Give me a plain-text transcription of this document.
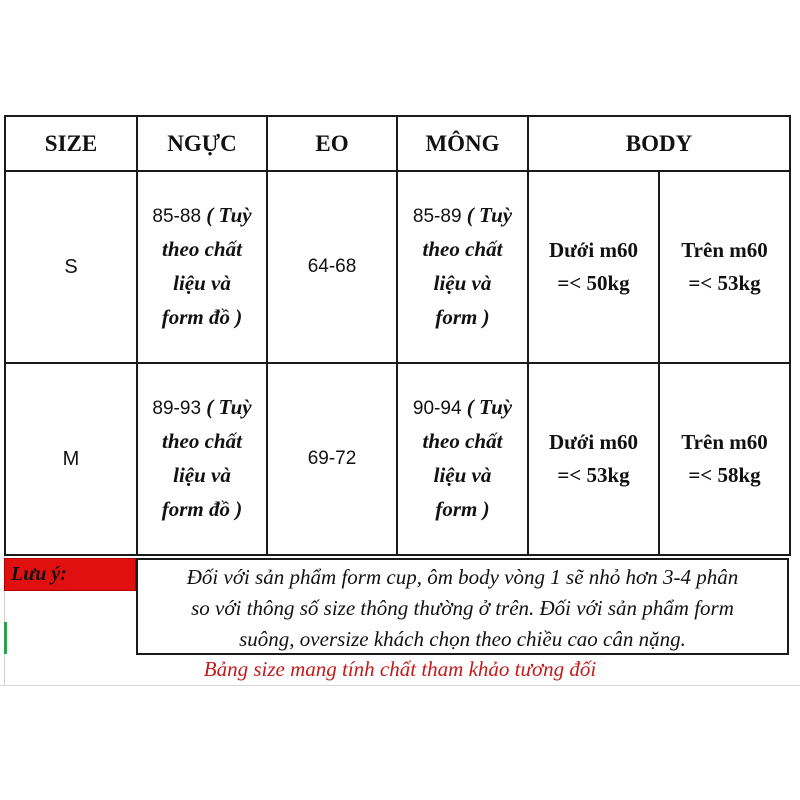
SIZE	NGỰC	EO	MÔNG	BODY	
S	85-88 ( Tuỳ
theo chất
liệu và
form đồ )	64-68	85-89 ( Tuỳ
theo chất
liệu và
form )	Dưới m60
=< 50kg	Trên m60
=< 53kg
M	89-93 ( Tuỳ
theo chất
liệu và
form đồ )	69-72	90-94 ( Tuỳ
theo chất
liệu và
form )	Dưới m60
=< 53kg	Trên m60
=< 58kg
Lưu ý:	Đối với sản phẩm form cup, ôm body vòng 1 sẽ nhỏ hơn 3-4 phân
so với thông số size thông thường ở trên. Đối với sản phẩm form
suông, oversize khách chọn theo chiều cao cân nặng.
Bảng size mang tính chất tham khảo tương đối
